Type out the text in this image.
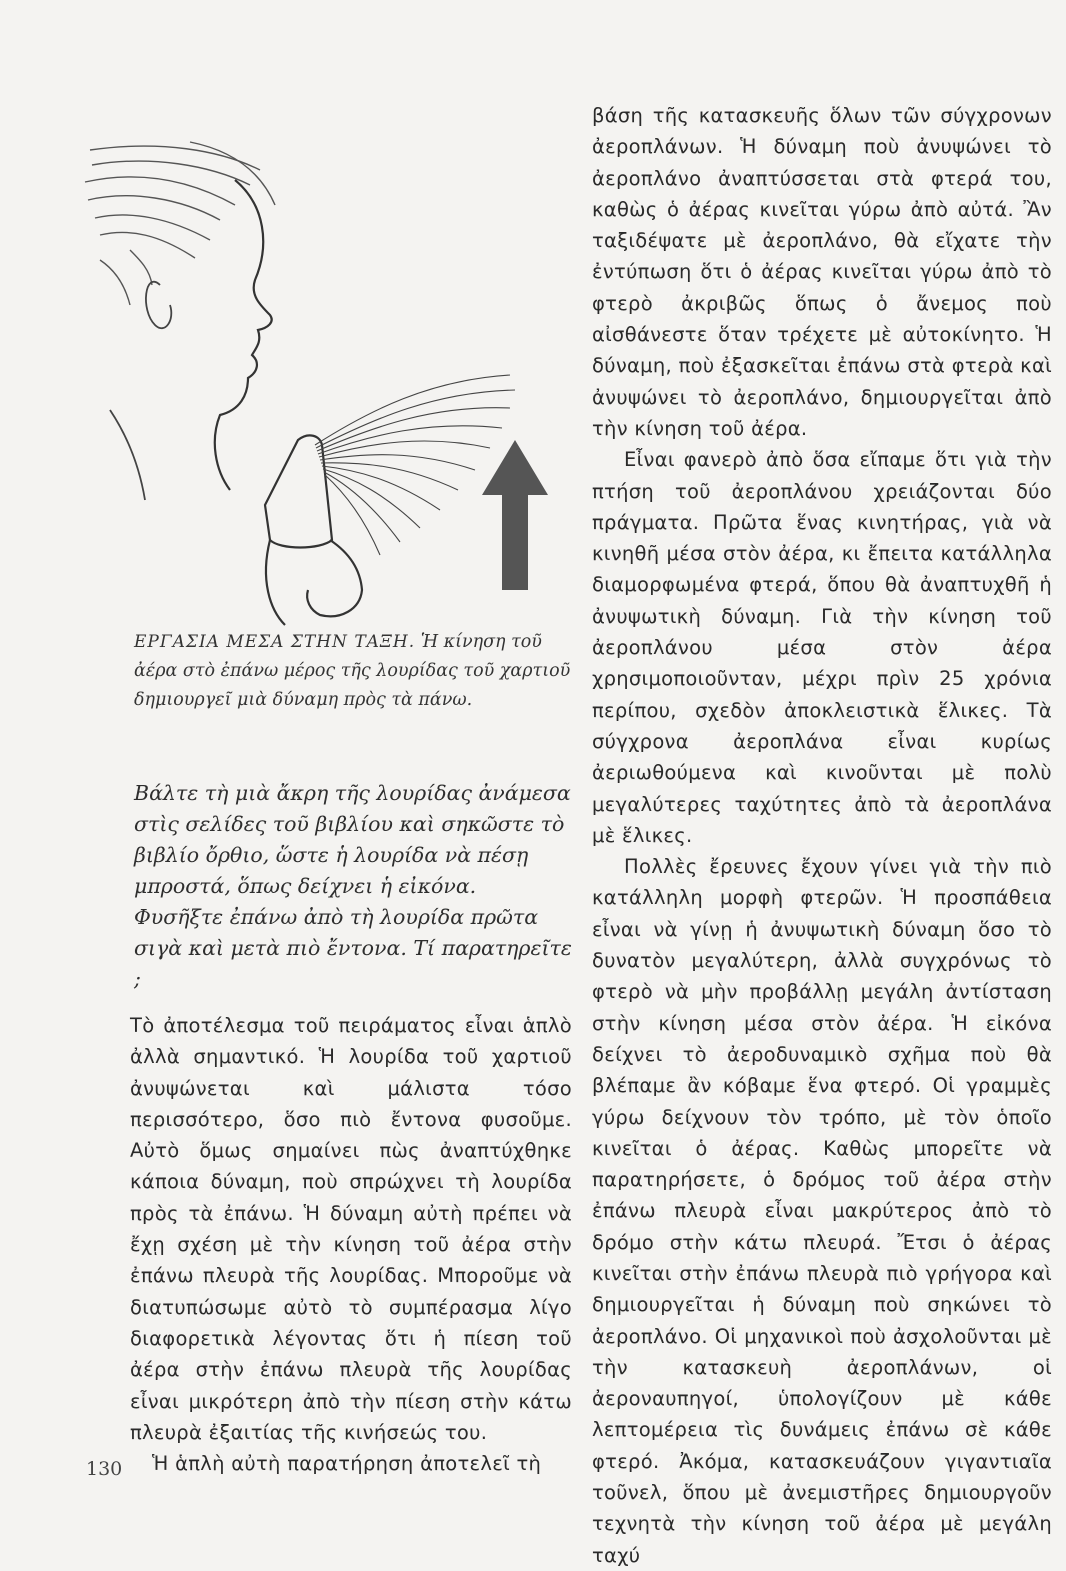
ΕΡΓΑΣΙΑ ΜΕΣΑ ΣΤΗΝ ΤΑΞΗ. Ἡ κίνηση τοῦ ἀέρα στὸ ἐπάνω μέρος τῆς λουρίδας τοῦ χαρτιοῦ δημιουργεῖ μιὰ δύναμη πρὸς τὰ πάνω.

Βάλτε τὴ μιὰ ἄκρη τῆς λουρίδας ἀνάμεσα στὶς σελίδες τοῦ βιβλίου καὶ σηκῶστε τὸ βιβλίο ὄρθιο, ὥστε ἡ λουρίδα νὰ πέσῃ μπροστά, ὅπως δείχνει ἡ εἰκόνα.

Φυσῆξτε ἐπάνω ἀπὸ τὴ λουρίδα πρῶτα σιγὰ καὶ μετὰ πιὸ ἔντονα. Τί παρατηρεῖτε ;

Τὸ ἀποτέλεσμα τοῦ πειράματος εἶναι ἁπλὸ ἀλλὰ σημαντικό. Ἡ λουρίδα τοῦ χαρτιοῦ ἀνυψώνεται καὶ μάλιστα τόσο περισσότερο, ὅσο πιὸ ἔντονα φυσοῦμε. Αὐτὸ ὅμως σημαίνει πὼς ἀναπτύχθηκε κάποια δύναμη, ποὺ σπρώχνει τὴ λουρίδα πρὸς τὰ ἐπάνω. Ἡ δύναμη αὐτὴ πρέπει νὰ ἔχῃ σχέση μὲ τὴν κίνηση τοῦ ἀέρα στὴν ἐπάνω πλευρὰ τῆς λουρίδας. Μποροῦμε νὰ διατυπώσωμε αὐτὸ τὸ συμπέρασμα λίγο διαφορετικὰ λέγοντας ὅτι ἡ πίεση τοῦ ἀέρα στὴν ἐπάνω πλευρὰ τῆς λουρίδας εἶναι μικρότερη ἀπὸ τὴν πίεση στὴν κάτω πλευρὰ ἐξαιτίας τῆς κινήσεώς του.

Ἡ ἁπλὴ αὐτὴ παρατήρηση ἀποτελεῖ τὴ

βάση τῆς κατασκευῆς ὅλων τῶν σύγχρονων ἀεροπλάνων. Ἡ δύναμη ποὺ ἀνυψώνει τὸ ἀεροπλάνο ἀναπτύσσεται στὰ φτερά του, καθὼς ὁ ἀέρας κινεῖται γύρω ἀπὸ αὐτά. Ἂν ταξιδέψατε μὲ ἀεροπλάνο, θὰ εἴχατε τὴν ἐντύπωση ὅτι ὁ ἀέρας κινεῖται γύρω ἀπὸ τὸ φτερὸ ἀκριβῶς ὅπως ὁ ἄνεμος ποὺ αἰσθάνεστε ὅταν τρέχετε μὲ αὐτοκίνητο. Ἡ δύναμη, ποὺ ἐξασκεῖται ἐπάνω στὰ φτερὰ καὶ ἀνυψώνει τὸ ἀεροπλάνο, δημιουργεῖται ἀπὸ τὴν κίνηση τοῦ ἀέρα.

Εἶναι φανερὸ ἀπὸ ὅσα εἴπαμε ὅτι γιὰ τὴν πτήση τοῦ ἀεροπλάνου χρειάζονται δύο πράγματα. Πρῶτα ἕνας κινητήρας, γιὰ νὰ κινηθῆ μέσα στὸν ἀέρα, κι ἔπειτα κατάλληλα διαμορφωμένα φτερά, ὅπου θὰ ἀναπτυχθῆ ἡ ἀνυψωτικὴ δύναμη. Γιὰ τὴν κίνηση τοῦ ἀεροπλάνου μέσα στὸν ἀέρα χρησιμοποιοῦνταν, μέχρι πρὶν 25 χρόνια περίπου, σχεδὸν ἀποκλειστικὰ ἕλικες. Τὰ σύγχρονα ἀεροπλάνα εἶναι κυρίως ἀεριωθούμενα καὶ κινοῦνται μὲ πολὺ μεγαλύτερες ταχύτητες ἀπὸ τὰ ἀεροπλάνα μὲ ἕλικες.

Πολλὲς ἔρευνες ἔχουν γίνει γιὰ τὴν πιὸ κατάλληλη μορφὴ φτερῶν. Ἡ προσπάθεια εἶναι νὰ γίνῃ ἡ ἀνυψωτικὴ δύναμη ὅσο τὸ δυνατὸν μεγαλύτερη, ἀλλὰ συγχρόνως τὸ φτερὸ νὰ μὴν προβάλλῃ μεγάλη ἀντίσταση στὴν κίνηση μέσα στὸν ἀέρα. Ἡ εἰκόνα δείχνει τὸ ἀεροδυναμικὸ σχῆμα ποὺ θὰ βλέπαμε ἂν κόβαμε ἕνα φτερό. Οἱ γραμμὲς γύρω δείχνουν τὸν τρόπο, μὲ τὸν ὁποῖο κινεῖται ὁ ἀέρας. Καθὼς μπορεῖτε νὰ παρατηρήσετε, ὁ δρόμος τοῦ ἀέρα στὴν ἐπάνω πλευρὰ εἶναι μακρύτερος ἀπὸ τὸ δρόμο στὴν κάτω πλευρά. Ἔτσι ὁ ἀέρας κινεῖται στὴν ἐπάνω πλευρὰ πιὸ γρήγορα καὶ δημιουργεῖται ἡ δύναμη ποὺ σηκώνει τὸ ἀεροπλάνο. Οἱ μηχανικοὶ ποὺ ἀσχολοῦνται μὲ τὴν κατασκευὴ ἀεροπλάνων, οἱ ἀεροναυπηγοί, ὑπολογίζουν μὲ κάθε λεπτομέρεια τὶς δυνάμεις ἐπάνω σὲ κάθε φτερό. Ἀκόμα, κατασκευάζουν γιγαντιαῖα τοῦνελ, ὅπου μὲ ἀνεμιστῆρες δημιουργοῦν τεχνητὰ τὴν κίνηση τοῦ ἀέρα μὲ μεγάλη ταχύ

130
